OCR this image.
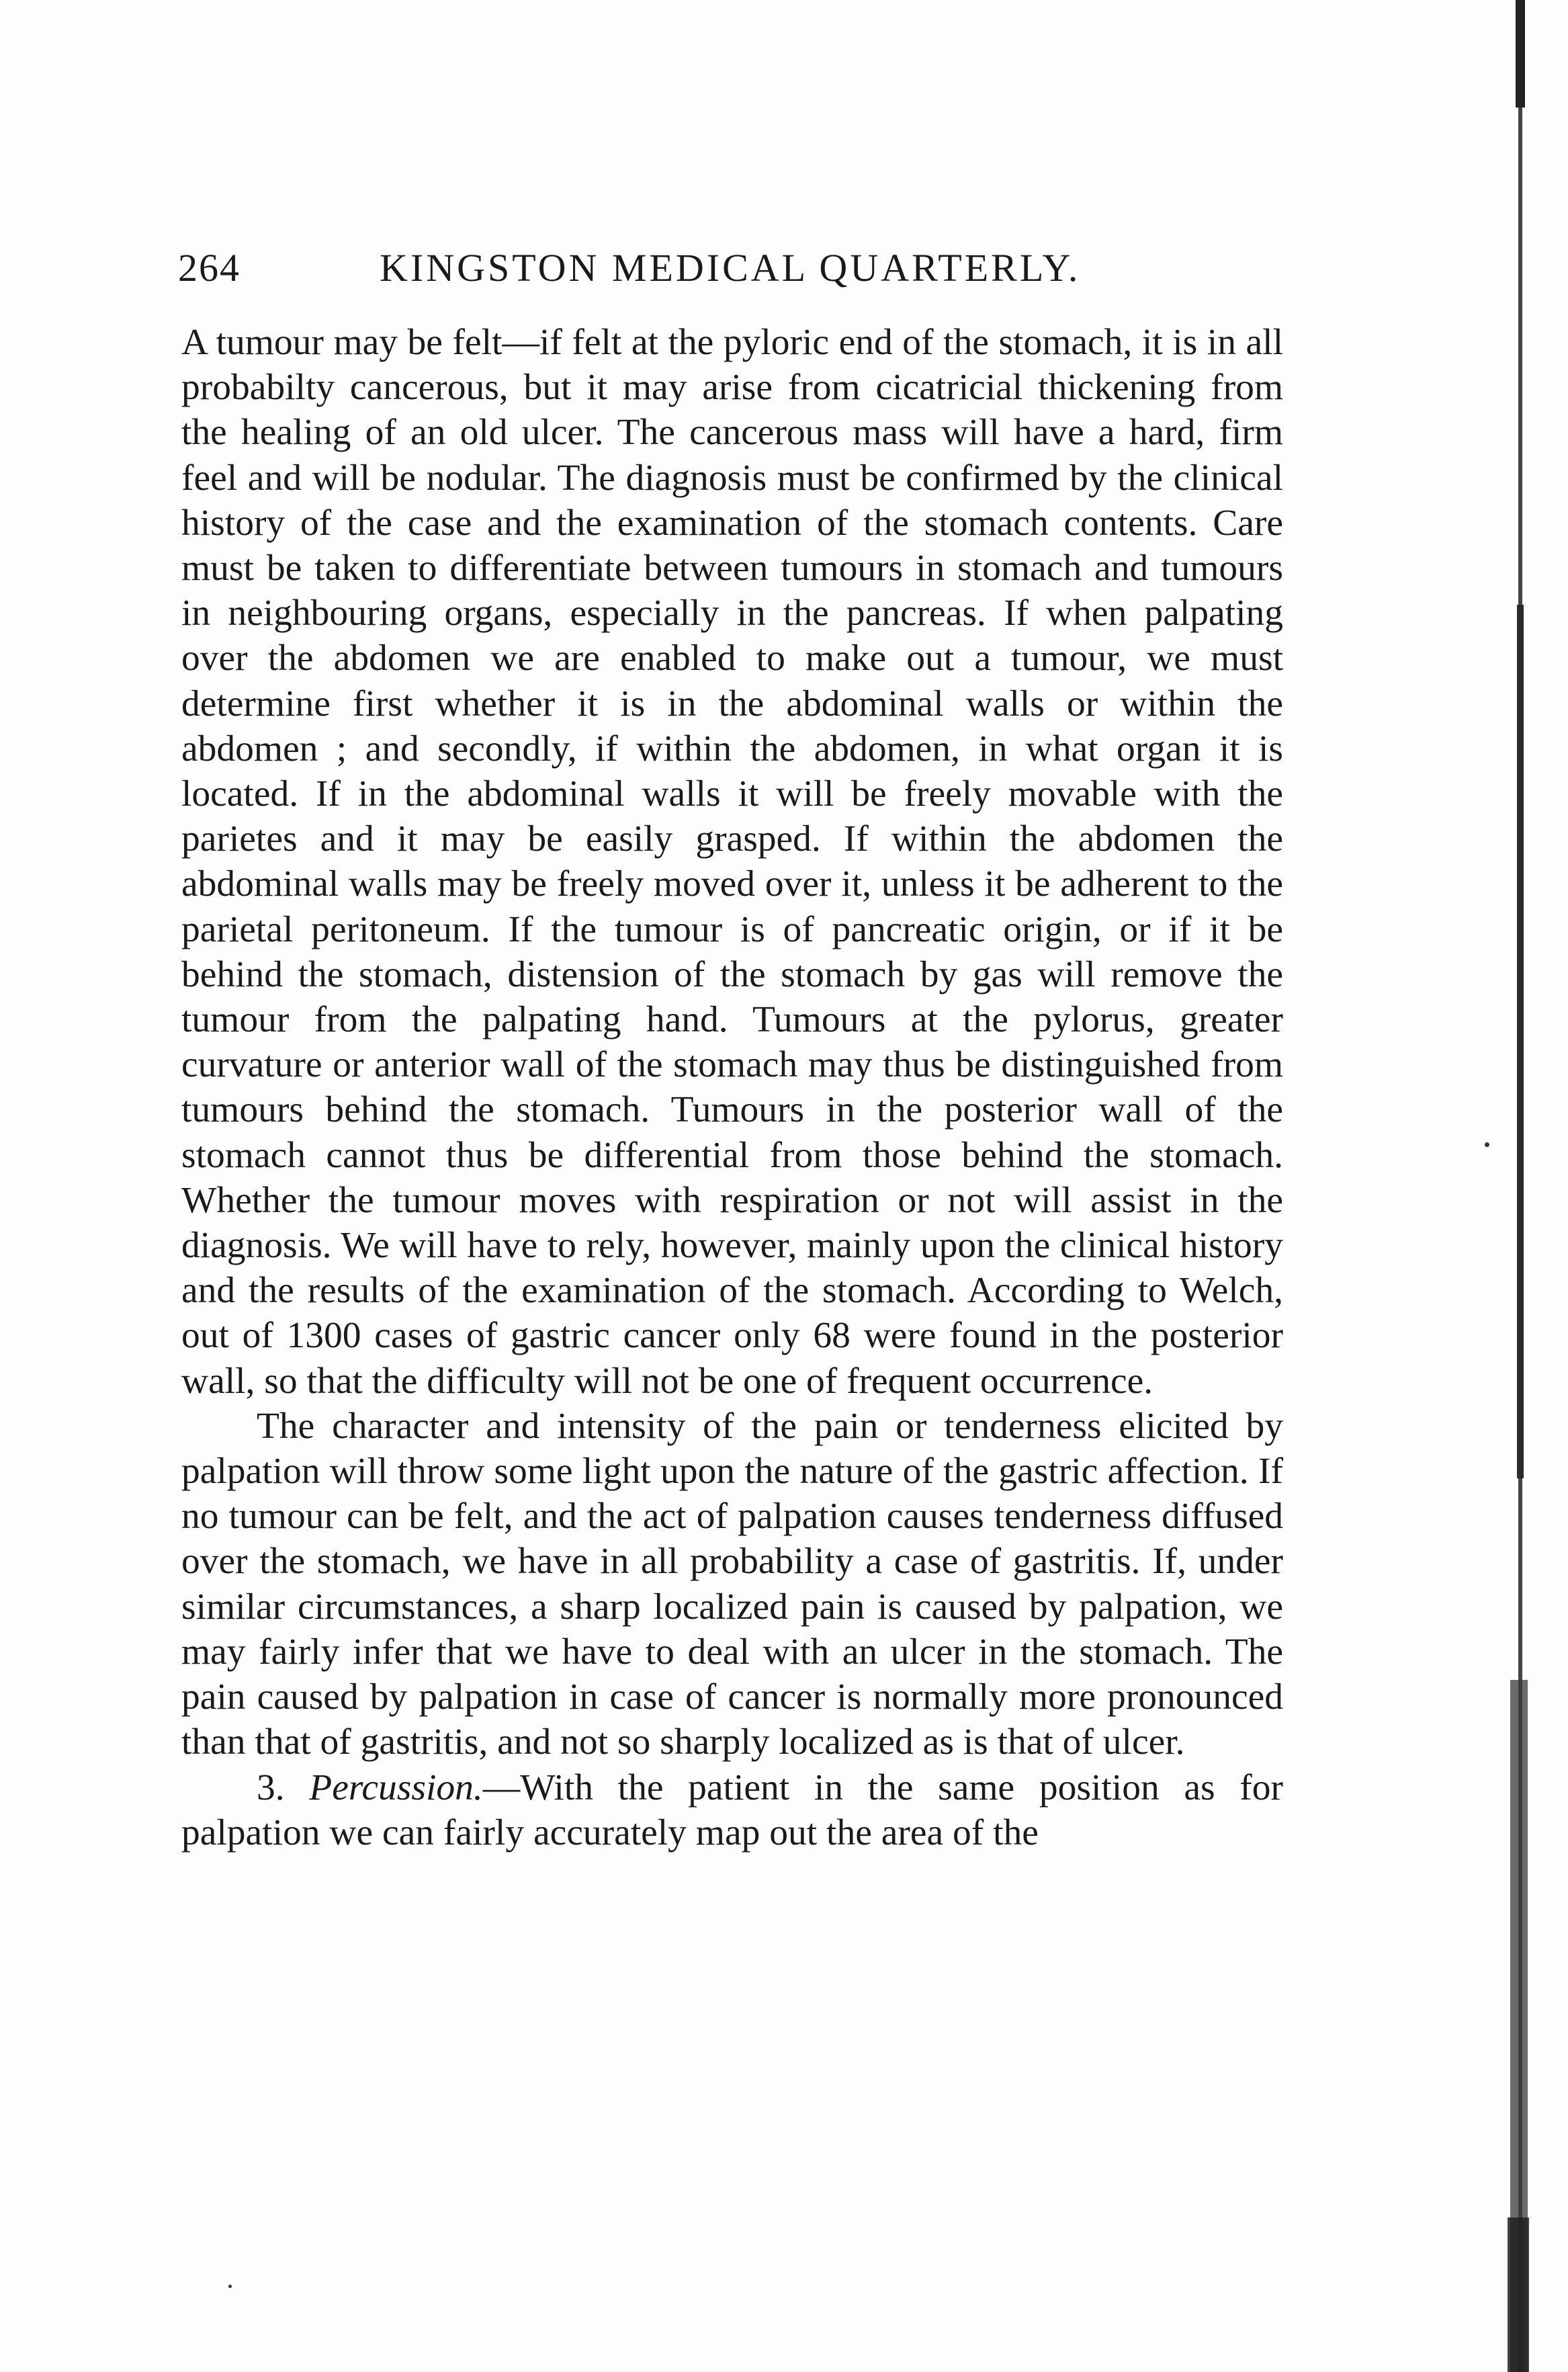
264	KINGSTON MEDICAL QUARTERLY.

A tumour may be felt—if felt at the pyloric end of the stomach, it is in all probabilty cancerous, but it may arise from cicatricial thickening from the healing of an old ulcer. The cancerous mass will have a hard, firm feel and will be nodular. The diagnosis must be confirmed by the clinical history of the case and the examination of the stomach contents. Care must be taken to differentiate between tumours in stomach and tumours in neighbouring organs, especially in the pancreas. If when palpating over the abdomen we are enabled to make out a tumour, we must determine first whether it is in the abdominal walls or within the abdomen ; and secondly, if within the abdomen, in what organ it is located. If in the abdominal walls it will be freely movable with the parietes and it may be easily grasped. If within the abdomen the abdominal walls may be freely moved over it, unless it be adherent to the parietal peritoneum. If the tumour is of pancreatic origin, or if it be behind the stomach, distension of the stomach by gas will remove the tumour from the palpating hand. Tumours at the pylorus, greater curvature or anterior wall of the stomach may thus be distinguished from tumours behind the stomach. Tumours in the posterior wall of the stomach cannot thus be differential from those behind the stomach. Whether the tumour moves with respiration or not will assist in the diagnosis. We will have to rely, however, mainly upon the clinical history and the results of the examination of the stomach. According to Welch, out of 1300 cases of gastric cancer only 68 were found in the posterior wall, so that the difficulty will not be one of frequent occurrence.

The character and intensity of the pain or tenderness elicited by palpation will throw some light upon the nature of the gastric affection. If no tumour can be felt, and the act of palpation causes tenderness diffused over the stomach, we have in all probability a case of gastritis. If, under similar circumstances, a sharp localized pain is caused by palpation, we may fairly infer that we have to deal with an ulcer in the stomach. The pain caused by palpation in case of cancer is normally more pronounced than that of gastritis, and not so sharply localized as is that of ulcer.

3. Percussion.—With the patient in the same position as for palpation we can fairly accurately map out the area of the
